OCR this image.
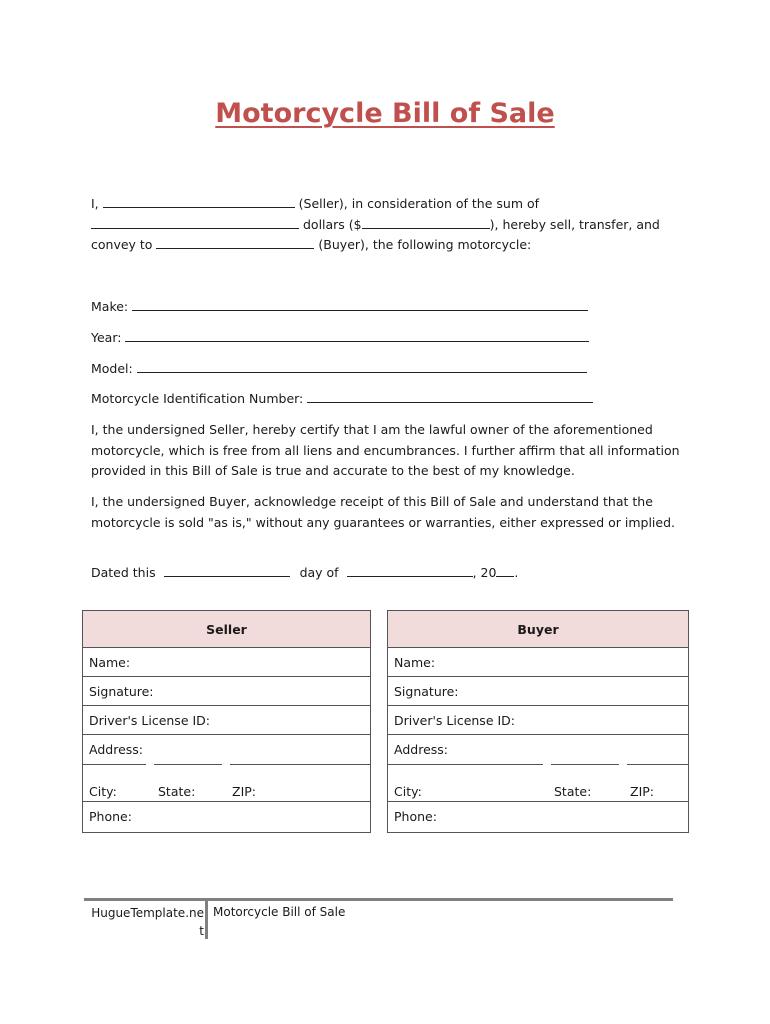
Motorcycle Bill of Sale
I,	(Seller), in consideration of the sum of
dollars ($	), hereby sell, transfer, and
convey to	(Buyer), the following motorcycle:
Make:
Year:
Model:
Motorcycle Identification Number:
I, the undersigned Seller, hereby certify that I am the lawful owner of the aforementioned motorcycle, which is free from all liens and encumbrances. I further affirm that all information provided in this Bill of Sale is true and accurate to the best of my knowledge.
I, the undersigned Buyer, acknowledge receipt of this Bill of Sale and understand that the motorcycle is sold "as is," without any guarantees or warranties, either expressed or implied.
Dated this	day of	, 20 .
Seller
Name:
Signature:
Driver's License ID:
Address:
City:	State:	ZIP:
Phone:
Buyer
Name:
Signature:
Driver's License ID:
Address:
City:	State:	ZIP:
Phone:
HugueTemplate.ne
t
Motorcycle Bill of Sale
